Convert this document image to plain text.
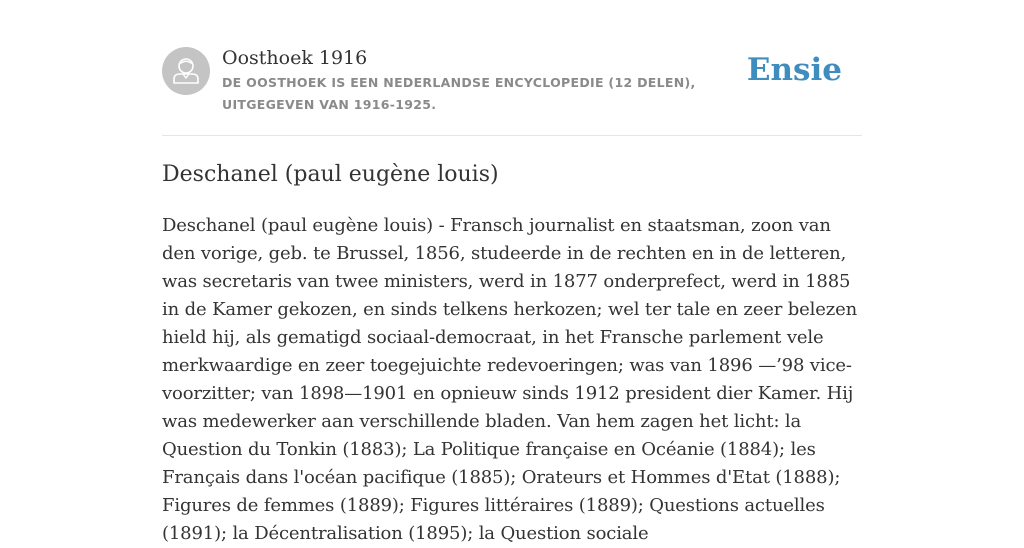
Oosthoek 1916
DE OOSTHOEK IS EEN NEDERLANDSE ENCYCLOPEDIE (12 DELEN), UITGEGEVEN VAN 1916-1925.
Ensie
Deschanel (paul eugène louis)

Deschanel (paul eugène louis) - Fransch journalist en staatsman, zoon van den vorige, geb. te Brussel, 1856, studeerde in de rechten en in de letteren, was secretaris van twee ministers, werd in 1877 onderprefect, werd in 1885 in de Kamer gekozen, en sinds telkens herkozen; wel ter tale en zeer belezen hield hij, als gematigd sociaal-democraat, in het Fransche parlement vele merkwaardige en zeer toegejuichte redevoeringen; was van 1896 —’98 vice-voorzitter; van 1898—1901 en opnieuw sinds 1912 president dier Kamer. Hij was medewerker aan verschillende bladen. Van hem zagen het licht: la Question du Tonkin (1883); La Politique française en Océanie (1884); les Français dans l'océan pacifique (1885); Orateurs et Hommes d'Etat (1888); Figures de femmes (1889); Figures littéraires (1889); Questions actuelles (1891); la Décentralisation (1895); la Question sociale
